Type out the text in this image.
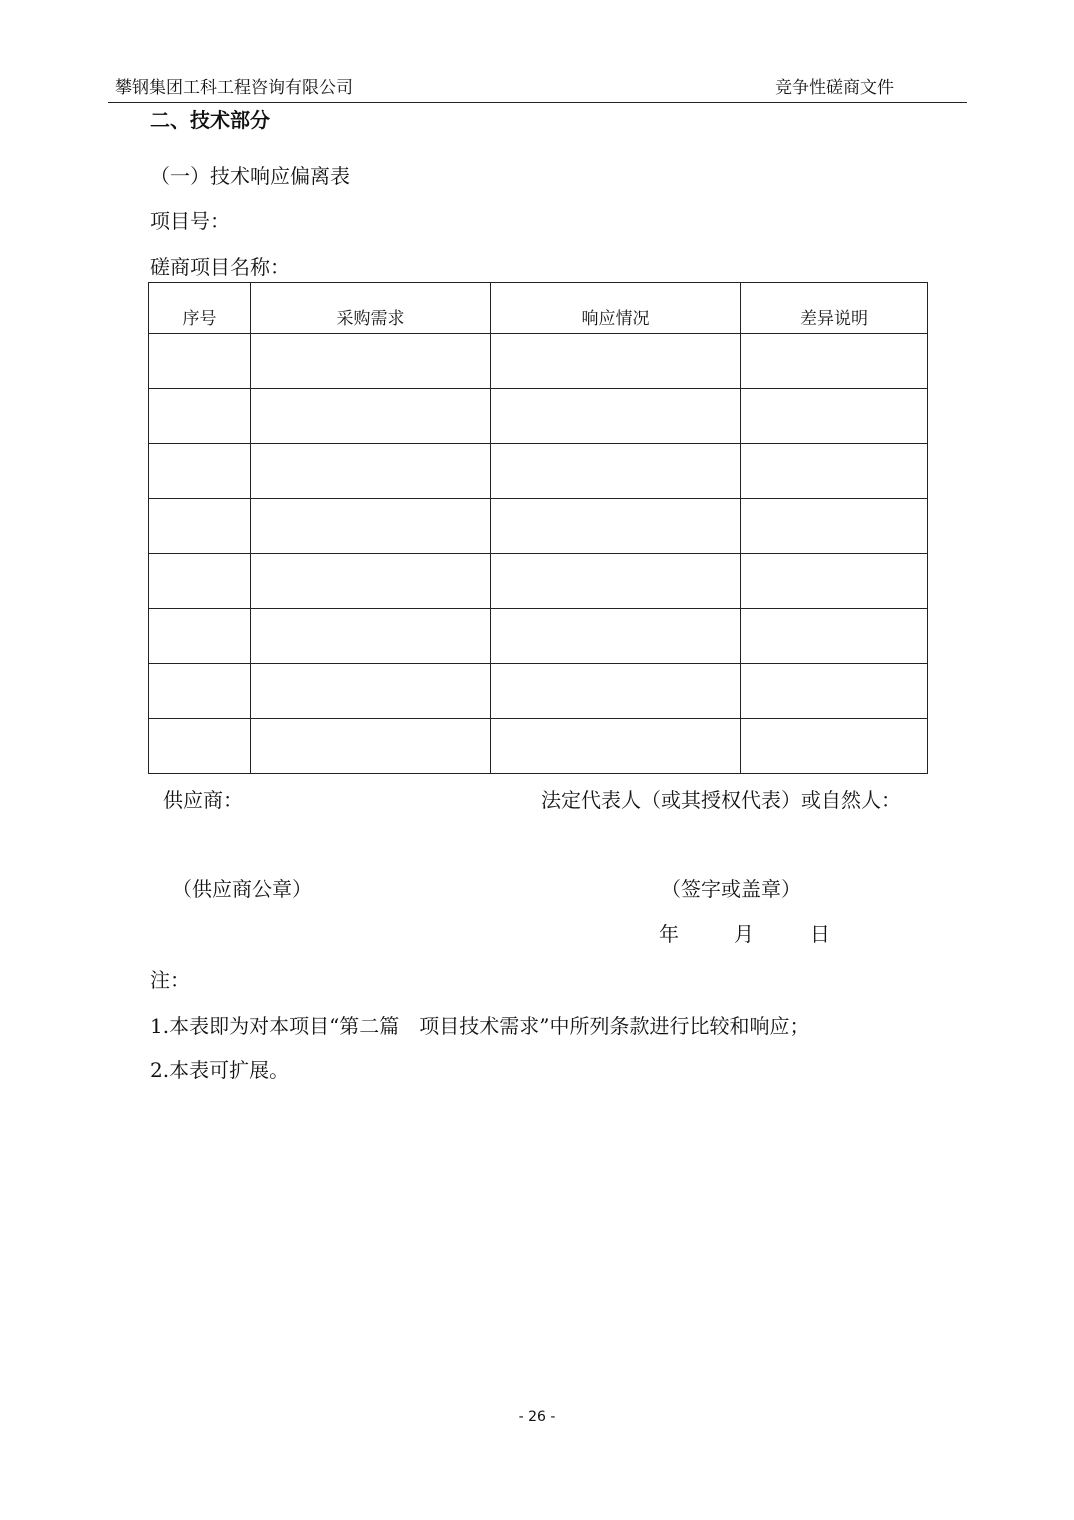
攀钢集团工科工程咨询有限公司	竞争性磋商文件
二、技术部分
（一）技术响应偏离表
项目号：
磋商项目名称：
序号	采购需求	响应情况	差异说明

供应商：	法定代表人（或其授权代表）或自然人：
（供应商公章）	（签字或盖章）
年	月	日
注：
1.本表即为对本项目“第二篇　项目技术需求”中所列条款进行比较和响应；
2.本表可扩展。
- 26 -
